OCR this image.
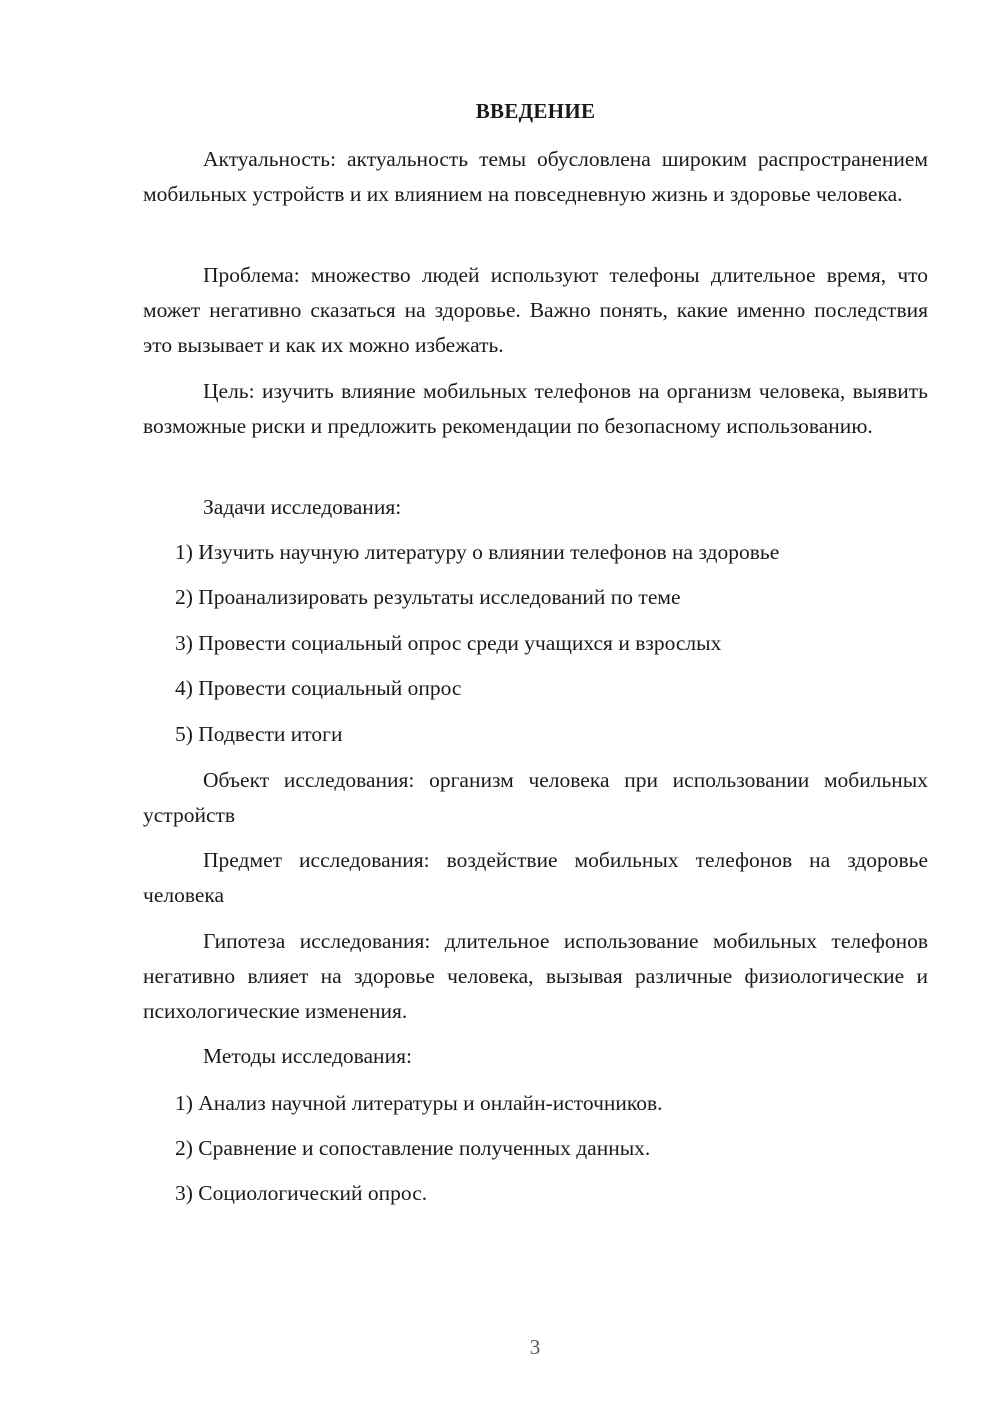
ВВЕДЕНИЕ

Актуальность: актуальность темы обусловлена широким распространением мобильных устройств и их влиянием на повседневную жизнь и здоровье человека.

Проблема: множество людей используют телефоны длительное время, что может негативно сказаться на здоровье. Важно понять, какие именно последствия это вызывает и как их можно избежать.

Цель: изучить влияние мобильных телефонов на организм человека, выявить возможные риски и предложить рекомендации по безопасному использованию.

Задачи исследования:

1) Изучить научную литературу о влиянии телефонов на здоровье

2) Проанализировать результаты исследований по теме

3) Провести социальный опрос среди учащихся и взрослых

4) Провести социальный опрос

5) Подвести итоги

Объект исследования: организм человека при использовании мобильных устройств

Предмет исследования: воздействие мобильных телефонов на здоровье человека

Гипотеза исследования: длительное использование мобильных телефонов негативно влияет на здоровье человека, вызывая различные физиологические и психологические изменения.

Методы исследования:

1) Анализ научной литературы и онлайн-источников.

2) Сравнение и сопоставление полученных данных.

3) Социологический опрос.

3
